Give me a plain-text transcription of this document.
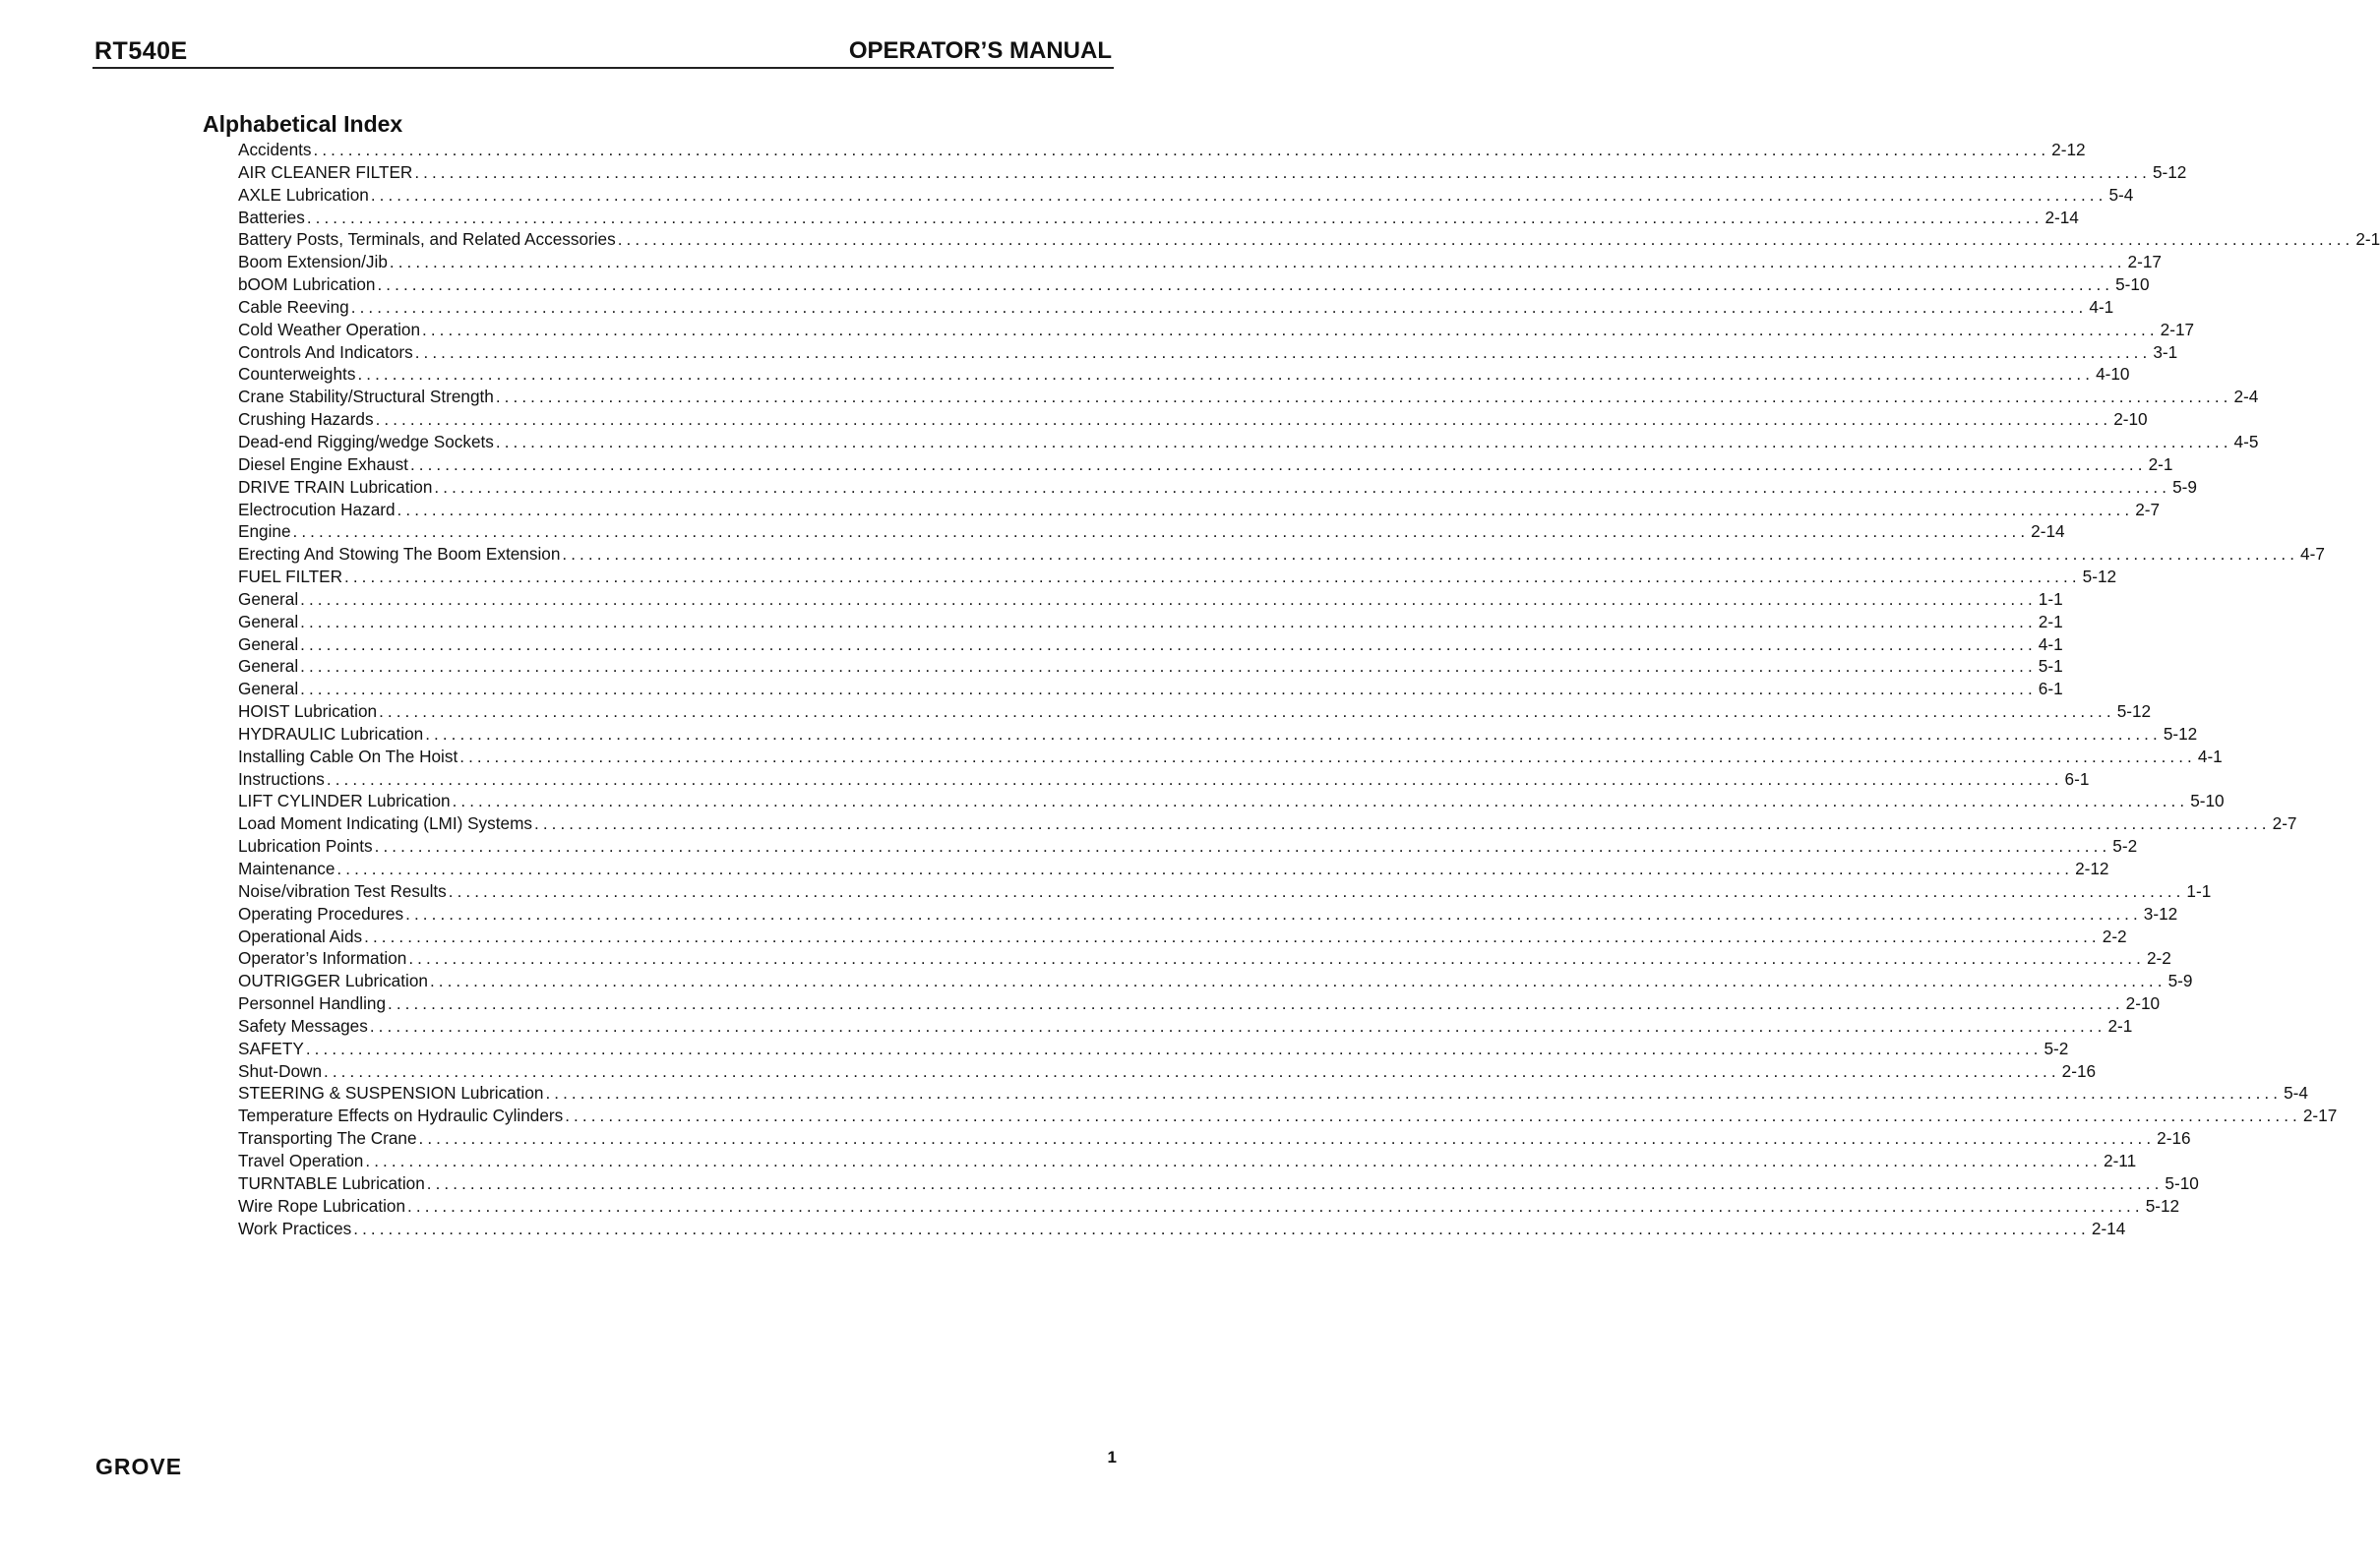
RT540E	OPERATOR’S MANUAL
Alphabetical Index
Accidents ........................................................................................................................................................................................................ 2-12
AIR CLEANER FILTER ........................................................................................................................................................................................................ 5-12
AXLE Lubrication ........................................................................................................................................................................................................ 5-4
Batteries ........................................................................................................................................................................................................ 2-14
Battery Posts, Terminals, and Related Accessories ........................................................................................................................................................................................................ 2-1
Boom Extension/Jib ........................................................................................................................................................................................................ 2-17
bOOM Lubrication ........................................................................................................................................................................................................ 5-10
Cable Reeving ........................................................................................................................................................................................................ 4-1
Cold Weather Operation ........................................................................................................................................................................................................ 2-17
Controls And Indicators ........................................................................................................................................................................................................ 3-1
Counterweights ........................................................................................................................................................................................................ 4-10
Crane Stability/Structural Strength ........................................................................................................................................................................................................ 2-4
Crushing Hazards ........................................................................................................................................................................................................ 2-10
Dead-end Rigging/wedge Sockets ........................................................................................................................................................................................................ 4-5
Diesel Engine Exhaust ........................................................................................................................................................................................................ 2-1
DRIVE TRAIN Lubrication ........................................................................................................................................................................................................ 5-9
Electrocution Hazard ........................................................................................................................................................................................................ 2-7
Engine ........................................................................................................................................................................................................ 2-14
Erecting And Stowing The Boom Extension ........................................................................................................................................................................................................ 4-7
FUEL FILTER ........................................................................................................................................................................................................ 5-12
General ........................................................................................................................................................................................................ 1-1
General ........................................................................................................................................................................................................ 2-1
General ........................................................................................................................................................................................................ 4-1
General ........................................................................................................................................................................................................ 5-1
General ........................................................................................................................................................................................................ 6-1
HOIST Lubrication ........................................................................................................................................................................................................ 5-12
HYDRAULIC Lubrication ........................................................................................................................................................................................................ 5-12
Installing Cable On The Hoist ........................................................................................................................................................................................................ 4-1
Instructions ........................................................................................................................................................................................................ 6-1
LIFT CYLINDER Lubrication ........................................................................................................................................................................................................ 5-10
Load Moment Indicating (LMI) Systems ........................................................................................................................................................................................................ 2-7
Lubrication Points ........................................................................................................................................................................................................ 5-2
Maintenance ........................................................................................................................................................................................................ 2-12
Noise/vibration Test Results ........................................................................................................................................................................................................ 1-1
Operating Procedures ........................................................................................................................................................................................................ 3-12
Operational Aids ........................................................................................................................................................................................................ 2-2
Operator’s Information ........................................................................................................................................................................................................ 2-2
OUTRIGGER Lubrication ........................................................................................................................................................................................................ 5-9
Personnel Handling ........................................................................................................................................................................................................ 2-10
Safety Messages ........................................................................................................................................................................................................ 2-1
SAFETY ........................................................................................................................................................................................................ 5-2
Shut-Down ........................................................................................................................................................................................................ 2-16
STEERING & SUSPENSION Lubrication ........................................................................................................................................................................................................ 5-4
Temperature Effects on Hydraulic Cylinders ........................................................................................................................................................................................................ 2-17
Transporting The Crane ........................................................................................................................................................................................................ 2-16
Travel Operation ........................................................................................................................................................................................................ 2-11
TURNTABLE Lubrication ........................................................................................................................................................................................................ 5-10
Wire Rope Lubrication ........................................................................................................................................................................................................ 5-12
Work Practices ........................................................................................................................................................................................................ 2-14
GROVE	1
